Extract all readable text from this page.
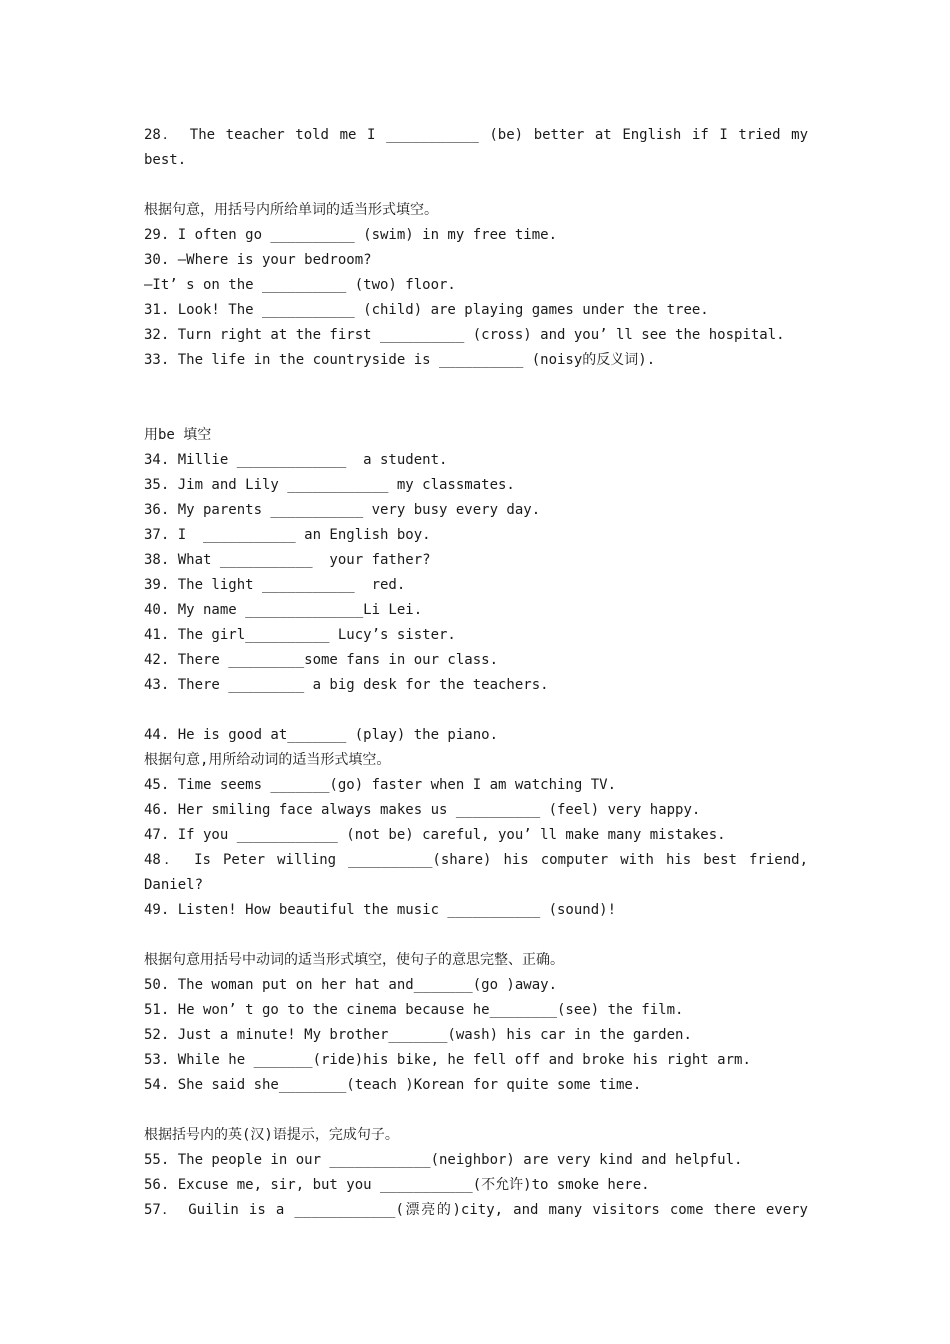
28． The teacher told me I ___________ (be) better at English if I tried my
best.
根据句意，用括号内所给单词的适当形式填空。
29. I often go __________ (swim) in my free time.
30. —Where is your bedroom?
—It’ s on the __________ (two) floor.
31. Look! The ___________ (child) are playing games under the tree.
32. Turn right at the first __________ (cross) and you’ ll see the hospital.
33. The life in the countryside is __________ (noisy的反义词).
用be 填空
34. Millie _____________  a student.
35. Jim and Lily ____________ my classmates.
36. My parents ___________ very busy every day.
37. I  ___________ an English boy.
38. What ___________  your father?
39. The light ___________  red.
40. My name ______________Li Lei.
41. The girl__________ Lucy’s sister.
42. There _________some fans in our class.
43. There _________ a big desk for the teachers.
44. He is good at_______ (play) the piano.
根据句意,用所给动词的适当形式填空。
45. Time seems _______(go) faster when I am watching TV.
46. Her smiling face always makes us __________ (feel) very happy.
47. If you ____________ (not be) careful, you’ ll make many mistakes.
48． Is Peter willing __________(share) his computer with his best friend,
Daniel?
49. Listen! How beautiful the music ___________ (sound)!
根据句意用括号中动词的适当形式填空，使句子的意思完整、正确。
50. The woman put on her hat and_______(go )away.
51. He won’ t go to the cinema because he________(see) the film.
52. Just a minute! My brother_______(wash) his car in the garden.
53. While he _______(ride)his bike, he fell off and broke his right arm.
54. She said she________(teach )Korean for quite some time.
根据括号内的英(汉)语提示，完成句子。
55. The people in our ____________(neighbor) are very kind and helpful.
56. Excuse me, sir, but you ___________(不允许)to smoke here.
57． Guilin is a ____________(漂亮的)city, and many visitors come there every
